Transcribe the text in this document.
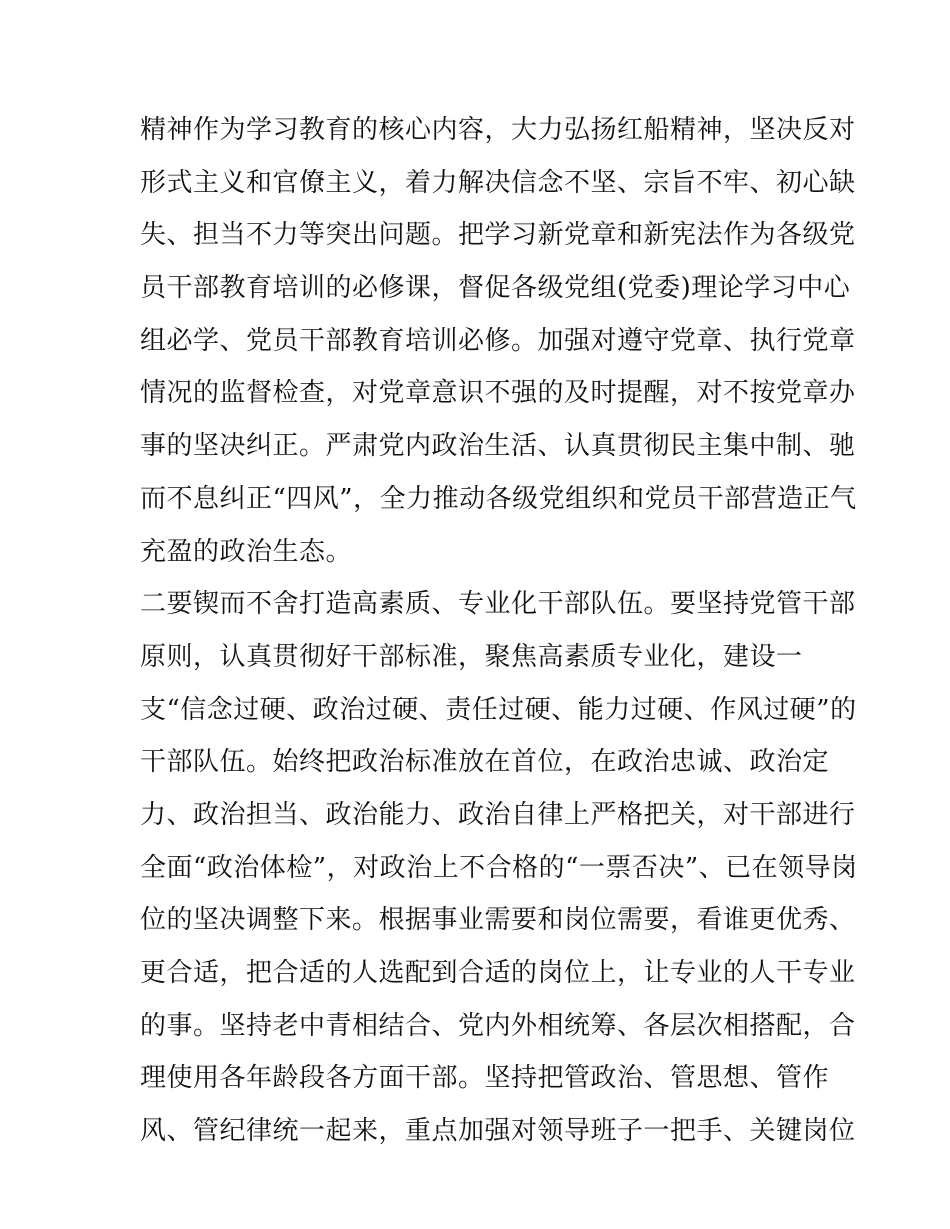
精神作为学习教育的核心内容，大力弘扬红船精神，坚决反对
形式主义和官僚主义，着力解决信念不坚、宗旨不牢、初心缺
失、担当不力等突出问题。把学习新党章和新宪法作为各级党
员干部教育培训的必修课，督促各级党组(党委)理论学习中心
组必学、党员干部教育培训必修。加强对遵守党章、执行党章
情况的监督检查，对党章意识不强的及时提醒，对不按党章办
事的坚决纠正。严肃党内政治生活、认真贯彻民主集中制、驰
而不息纠正“四风”，全力推动各级党组织和党员干部营造正气
充盈的政治生态。
二要锲而不舍打造高素质、专业化干部队伍。要坚持党管干部
原则，认真贯彻好干部标准，聚焦高素质专业化，建设一
支“信念过硬、政治过硬、责任过硬、能力过硬、作风过硬”的
干部队伍。始终把政治标准放在首位，在政治忠诚、政治定
力、政治担当、政治能力、政治自律上严格把关，对干部进行
全面“政治体检”，对政治上不合格的“一票否决”、已在领导岗
位的坚决调整下来。根据事业需要和岗位需要，看谁更优秀、
更合适，把合适的人选配到合适的岗位上，让专业的人干专业
的事。坚持老中青相结合、党内外相统筹、各层次相搭配，合
理使用各年龄段各方面干部。坚持把管政治、管思想、管作
风、管纪律统一起来，重点加强对领导班子一把手、关键岗位
